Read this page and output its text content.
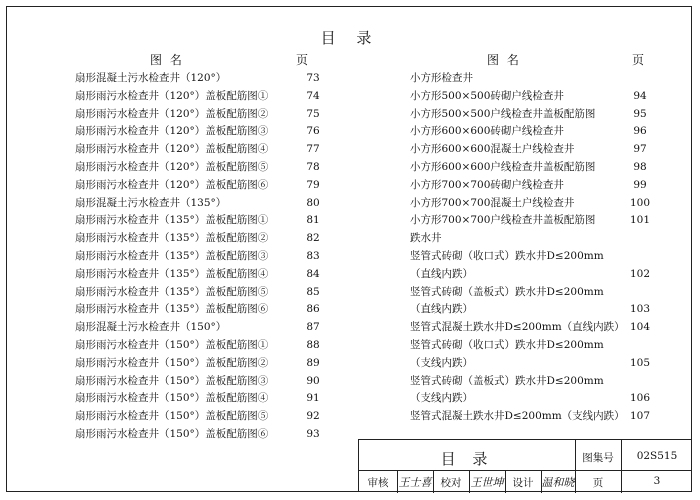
目 录
图 名	页	图 名	页
扇形混凝土污水检查井（120°）	73
扇形雨污水检查井（120°）盖板配筋图①	74
扇形雨污水检查井（120°）盖板配筋图②	75
扇形雨污水检查井（120°）盖板配筋图③	76
扇形雨污水检查井（120°）盖板配筋图④	77
扇形雨污水检查井（120°）盖板配筋图⑤	78
扇形雨污水检查井（120°）盖板配筋图⑥	79
扇形混凝土污水检查井（135°）	80
扇形雨污水检查井（135°）盖板配筋图①	81
扇形雨污水检查井（135°）盖板配筋图②	82
扇形雨污水检查井（135°）盖板配筋图③	83
扇形雨污水检查井（135°）盖板配筋图④	84
扇形雨污水检查井（135°）盖板配筋图⑤	85
扇形雨污水检查井（135°）盖板配筋图⑥	86
扇形混凝土污水检查井（150°）	87
扇形雨污水检查井（150°）盖板配筋图①	88
扇形雨污水检查井（150°）盖板配筋图②	89
扇形雨污水检查井（150°）盖板配筋图③	90
扇形雨污水检查井（150°）盖板配筋图④	91
扇形雨污水检查井（150°）盖板配筋图⑤	92
扇形雨污水检查井（150°）盖板配筋图⑥	93
小方形检查井
小方形500×500砖砌户线检查井	94
小方形500×500户线检查井盖板配筋图	95
小方形600×600砖砌户线检查井	96
小方形600×600混凝土户线检查井	97
小方形600×600户线检查井盖板配筋图	98
小方形700×700砖砌户线检查井	99
小方形700×700混凝土户线检查井	100
小方形700×700户线检查井盖板配筋图	101
跌水井
竖管式砖砌（收口式）跌水井D≤200mm（直线内跌）	102
竖管式砖砌（盖板式）跌水井D≤200mm（直线内跌）	103
竖管式混凝土跌水井D≤200mm（直线内跌） 104
竖管式砖砌（收口式）跌水井D≤200mm（支线内跌）	105
竖管式砖砌（盖板式）跌水井D≤200mm（支线内跌）	106
竖管式混凝土跌水井D≤200mm（支线内跌） 107
目 录	图集号	02S515
审核 王士喜 校对 王世坤 设计 温和晓	页	3
